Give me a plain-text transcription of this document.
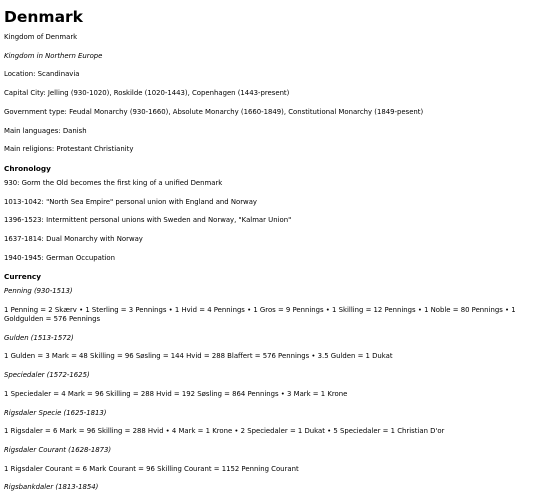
Denmark

Kingdom of Denmark

Kingdom in Northern Europe

Location: Scandinavia

Capital City: Jelling (930-1020), Roskilde (1020-1443), Copenhagen (1443-present)

Government type: Feudal Monarchy (930-1660), Absolute Monarchy (1660-1849), Constitutional Monarchy (1849-pesent)

Main languages: Danish

Main religions: Protestant Christianity

Chronology

930: Gorm the Old becomes the first king of a unified Denmark

1013-1042: "North Sea Empire" personal union with England and Norway

1396-1523: Intermittent personal unions with Sweden and Norway, "Kalmar Union"

1637-1814: Dual Monarchy with Norway

1940-1945: German Occupation

Currency

Penning (930-1513)

1 Penning = 2 Skærv • 1 Sterling = 3 Pennings • 1 Hvid = 4 Pennings • 1 Gros = 9 Pennings • 1 Skilling = 12 Pennings • 1 Noble = 80 Pennings • 1 Goldgulden = 576 Pennings

Gulden (1513-1572)

1 Gulden = 3 Mark = 48 Skilling = 96 Søsling = 144 Hvid = 288 Blaffert = 576 Pennings • 3.5 Gulden = 1 Dukat

Speciedaler (1572-1625)

1 Speciedaler = 4 Mark = 96 Skilling = 288 Hvid = 192 Søsling = 864 Pennings • 3 Mark = 1 Krone

Rigsdaler Specie (1625-1813)

1 Rigsdaler = 6 Mark = 96 Skilling = 288 Hvid • 4 Mark = 1 Krone • 2 Speciedaler = 1 Dukat • 5 Speciedaler = 1 Christian D'or

Rigsdaler Courant (1628-1873)

1 Rigsdaler Courant = 6 Mark Courant = 96 Skilling Courant = 1152 Penning Courant

Rigsbankdaler (1813-1854)
